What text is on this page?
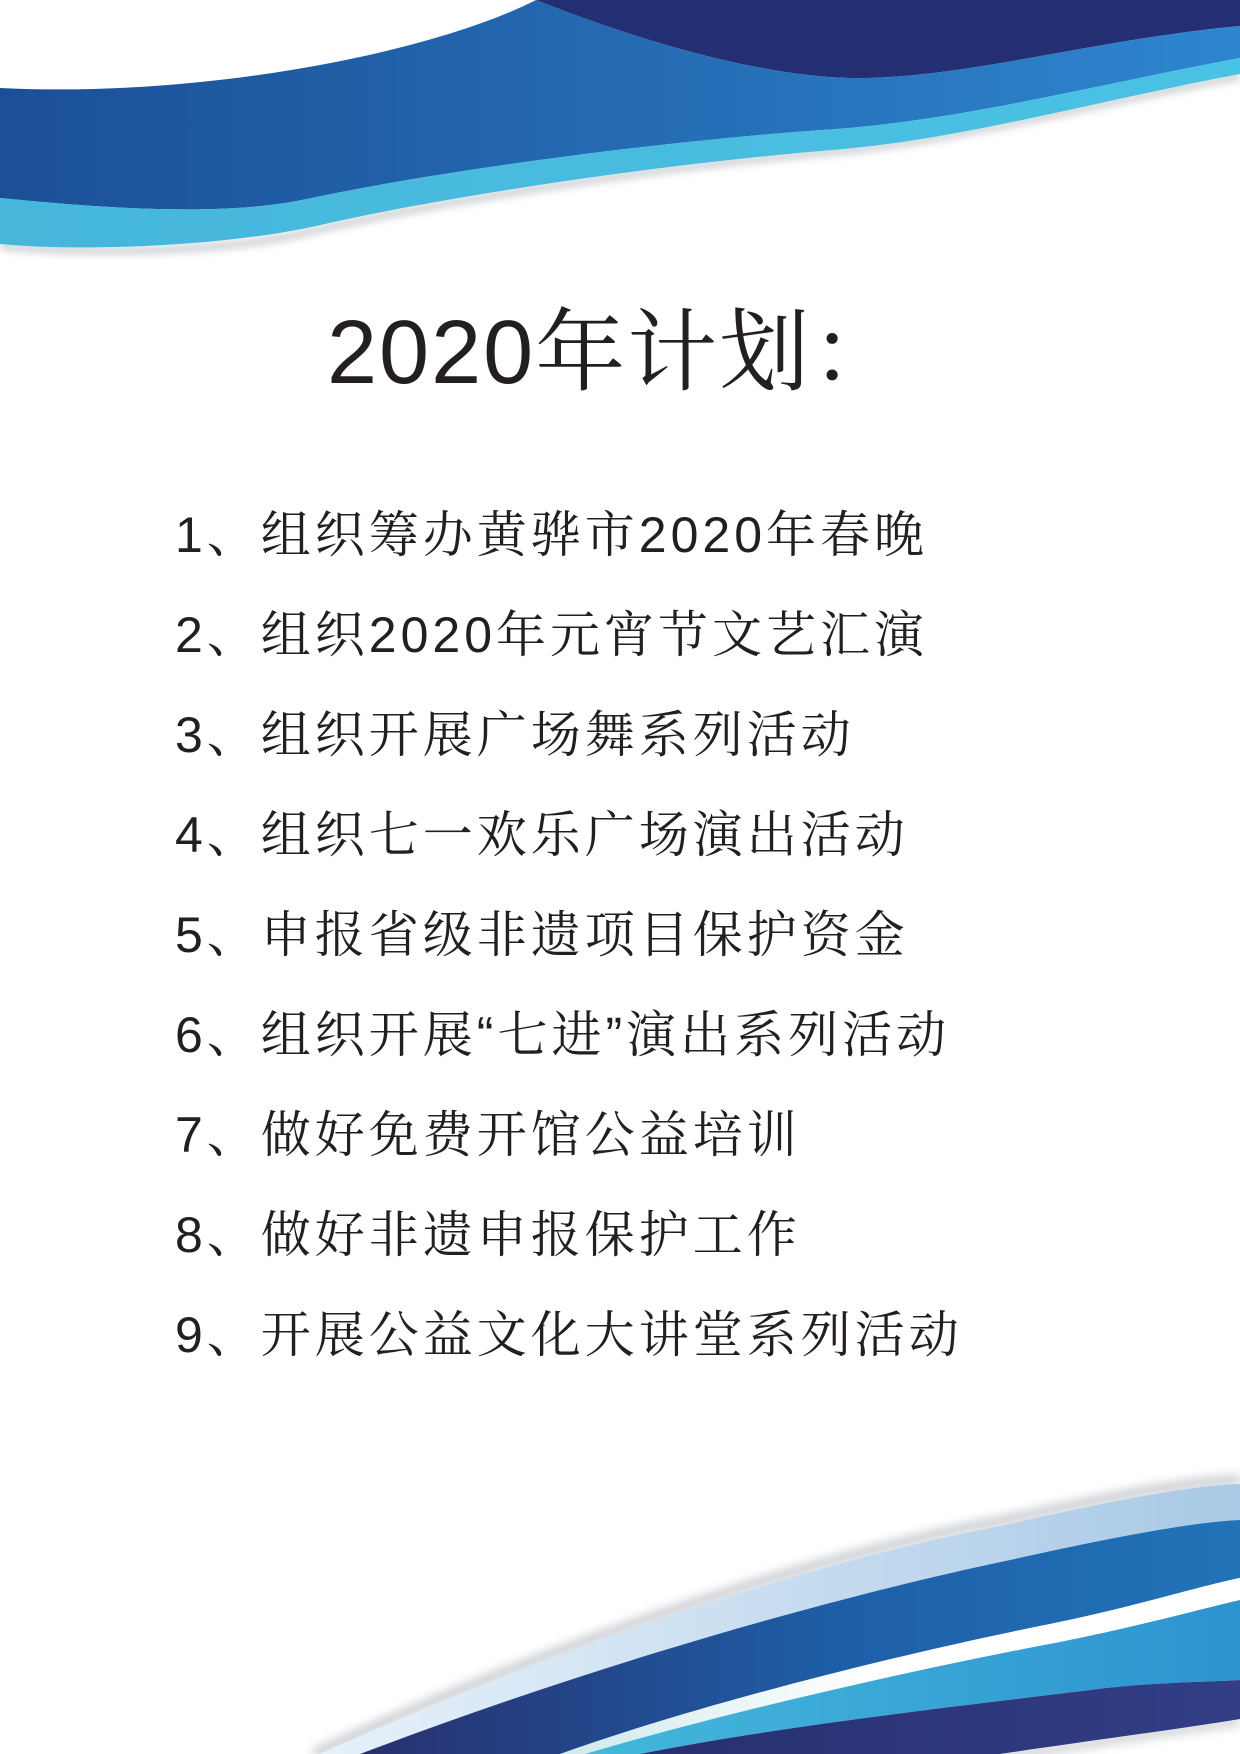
2020年计划：
1、组织筹办黄骅市2020年春晚
2、组织2020年元宵节文艺汇演
3、组织开展广场舞系列活动
4、组织七一欢乐广场演出活动
5、申报省级非遗项目保护资金
6、组织开展“七进”演出系列活动
7、做好免费开馆公益培训
8、做好非遗申报保护工作
9、开展公益文化大讲堂系列活动
